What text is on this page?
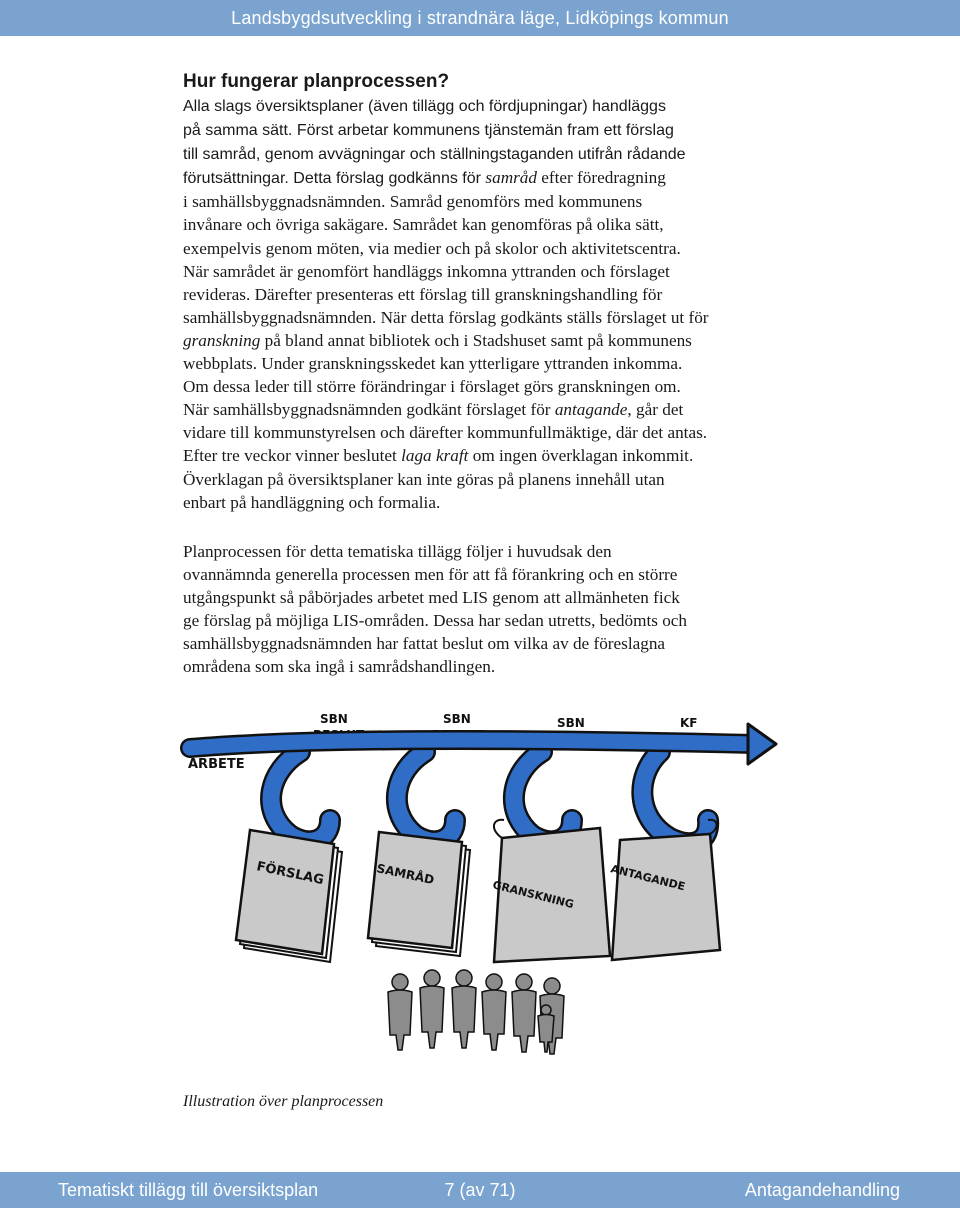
Landsbygdsutveckling i strandnära läge, Lidköpings kommun
Hur fungerar planprocessen?

Alla slags översiktsplaner (även tillägg och fördjupningar) handläggs
på samma sätt. Först arbetar kommunens tjänstemän fram ett förslag
till samråd, genom avvägningar och ställningstaganden utifrån rådande
förutsättningar. Detta förslag godkänns för samråd efter föredragning
i samhällsbyggnadsnämnden. Samråd genomförs med kommunens
invånare och övriga sakägare. Samrådet kan genomföras på olika sätt,
exempelvis genom möten, via medier och på skolor och aktivitetscentra.
När samrådet är genomfört handläggs inkomna yttranden och förslaget
revideras. Därefter presenteras ett förslag till granskningshandling för
samhällsbyggnadsnämnden. När detta förslag godkänts ställs förslaget ut för
granskning på bland annat bibliotek och i Stadshuset samt på kommunens
webbplats. Under granskningsskedet kan ytterligare yttranden inkomma.
Om dessa leder till större förändringar i förslaget görs granskningen om.
När samhällsbyggnadsnämnden godkänt förslaget för antagande, går det
vidare till kommunstyrelsen och därefter kommunfullmäktige, där det antas.
Efter tre veckor vinner beslutet laga kraft om ingen överklagan inkommit.
Överklagan på översiktsplaner kan inte göras på planens innehåll utan
enbart på handläggning och formalia.

Planprocessen för detta tematiska tillägg följer i huvudsak den
ovannämnda generella processen men för att få förankring och en större
utgångspunkt så påbörjades arbetet med LIS genom att allmänheten fick
ge förslag på möjliga LIS-områden. Dessa har sedan utretts, bedömts och
samhällsbyggnadsnämnden har fattat beslut om vilka av de föreslagna
områdena som ska ingå i samrådshandlingen.

PLAN-
ARBETE
SBN
BESLUT
SBN
BESLUT
SBN
BESLUT
KF
BESLUT
FÖRSLAG	SAMRÅD
GRANSKNING
ANTAGANDE
Illustration över planprocessen
Tematiskt tillägg till översiktsplan	7 (av 71)	Antagandehandling
